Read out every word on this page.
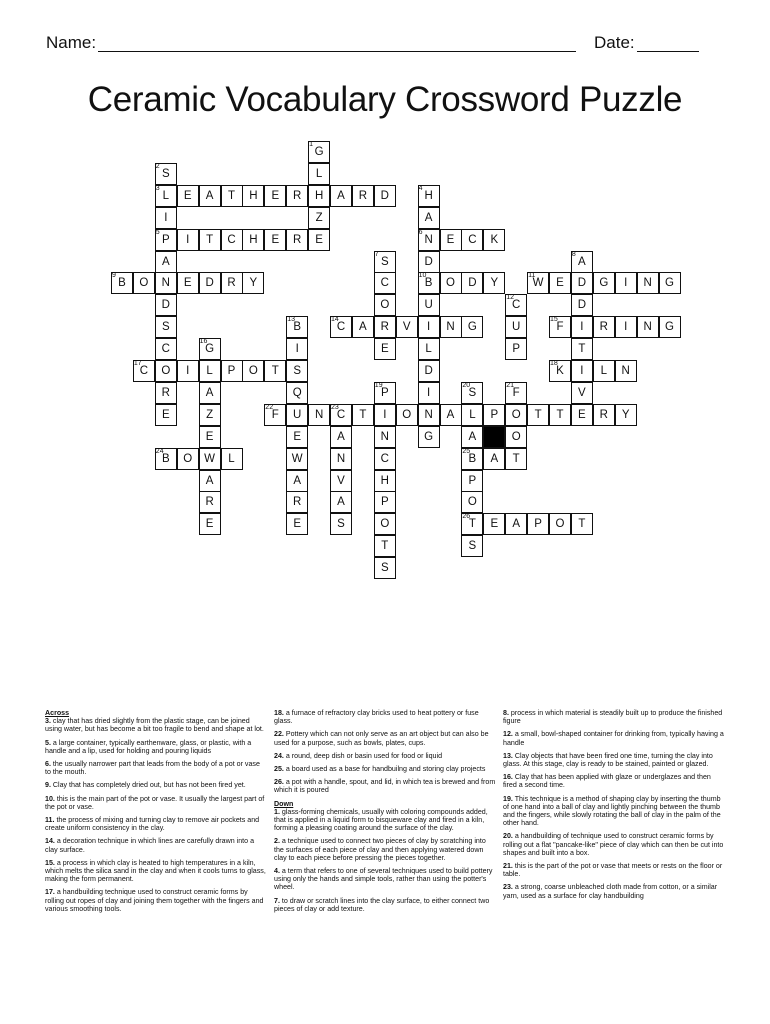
Name:	Date:
Ceramic Vocabulary Crossword Puzzle
1
G
2
S	L
3
L	E	A	T	H	E	R	H	A	R	D
4
H
I	Z	A
5
P	I	T	C	H	E	R	E
6
N	E	C	K
A
7
S	D
8
A
9
B	O	N	E	D	R	Y	C
10
B	O	D	Y
11
W	E	D	G	I	N	G
D	O	U
12
C	D
S
13
B
14
C	A	R	V	I	N	G	U
15
F	I	R	I	N	G
C
16
G	I	E	L	P	T
17
C	O	I	L	P	O	T	S	D
18
K	I	L	N
R	A	Q
19
P	I
20
S
21
F	V
E	Z
22
F	U	N
23
C	T	I	O	N	A	L	P	O	T	T	E	R	Y
E	E	A	N	G	A	O
24
B	O	W	L	W	N	C
25
B	A	T
A	A	V	H	P
R	R	A	P	O
E	E	S	O
26
T	E	A	P	O	T
T	S
S

Across

3. clay that has dried slightly from the plastic stage, can be joined using water, but has become a bit too fragile to bend and shape at lot.

5. a large container, typically earthenware, glass, or plastic, with a handle and a lip, used for holding and pouring liquids

6. the usually narrower part that leads from the body of a pot or vase to the mouth.

9. Clay that has completely dried out, but has not been fired yet.

10. this is the main part of the pot or vase. It usually the largest part of the pot or vase.

11. the process of mixing and turning clay to remove air pockets and create uniform consistency in the clay.

14. a decoration technique in which lines are carefully drawn into a clay surface.

15. a process in which clay is heated to high temperatures in a kiln, which melts the silica sand in the clay and when it cools turns to glass, making the form permanent.

17. a handbuilding technique used to construct ceramic forms by rolling out ropes of clay and joining them together with the fingers and various smoothing tools.

18. a furnace of refractory clay bricks used to heat pottery or fuse glass.

22. Pottery which can not only serve as an art object but can also be used for a purpose, such as bowls, plates, cups.

24. a round, deep dish or basin used for food or liquid

25. a board used as a base for handbuilng and storing clay projects

26. a pot with a handle, spout, and lid, in which tea is brewed and from which it is poured

Down

1. glass-forming chemicals, usually with coloring compounds added, that is applied in a liquid form to bisqueware clay and fired in a kiln, forming a pleasing coating around the surface of the clay.

2. a technique used to connect two pieces of clay by scratching into the surfaces of each piece of clay and then applying watered down clay to each piece before pressing the pieces together.

4. a term that refers to one of several techniques used to build pottery using only the hands and simple tools, rather than using the potter's wheel.

7. to draw or scratch lines into the clay surface, to either connect two pieces of clay or add texture.

8. process in which material is steadily built up to produce the finished figure

12. a small, bowl-shaped container for drinking from, typically having a handle

13. Clay objects that have been fired one time, turning the clay into glass. At this stage, clay is ready to be stained, painted or glazed.

16. Clay that has been applied with glaze or underglazes and then fired a second time.

19. This technique is a method of shaping clay by inserting the thumb of one hand into a ball of clay and lightly pinching between the thumb and the fingers, while slowly rotating the ball of clay in the palm of the other hand.

20. a handbuilding of technique used to construct ceramic forms by rolling out a flat "pancake-like" piece of clay which can then be cut into shapes and built into a box.

21. this is the part of the pot or vase that meets or rests on the floor or table.

23. a strong, coarse unbleached cloth made from cotton, or a similar yarn, used as a surface for clay handbuilding
